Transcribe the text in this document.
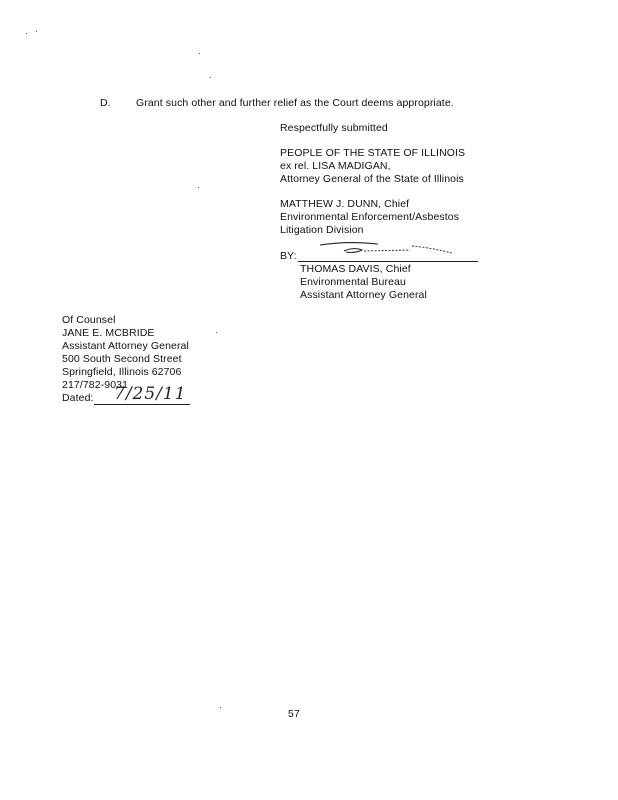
D. Grant such other and further relief as the Court deems appropriate.
Respectfully submitted
PEOPLE OF THE STATE OF ILLINOIS
ex rel. LISA MADIGAN,
Attorney General of the State of Illinois
MATTHEW J. DUNN, Chief
Environmental Enforcement/Asbestos
Litigation Division
BY:
THOMAS DAVIS, Chief
Environmental Bureau
Assistant Attorney General
Of Counsel
JANE E. MCBRIDE
Assistant Attorney General
500 South Second Street
Springfield, Illinois 62706
217/782-9031
Dated: 7/25/11
57
